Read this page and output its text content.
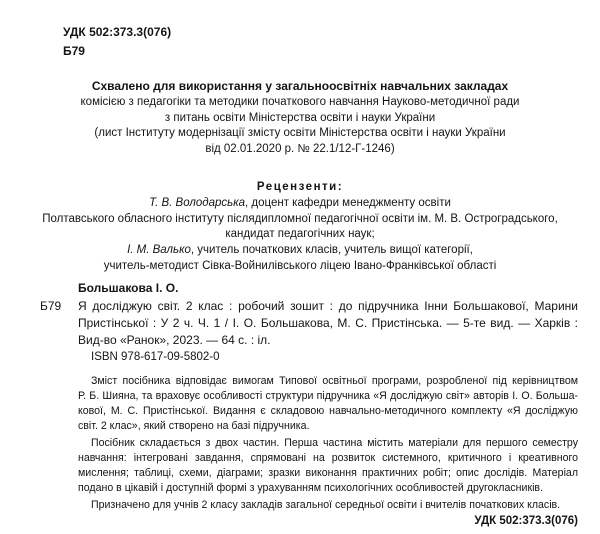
УДК 502:373.3(076)
Б79
Схвалено для використання у загальноосвітніх навчальних закладах
комісією з педагогіки та методики початкового навчання Науково-методичної ради
з питань освіти Міністерства освіти і науки України
(лист Інституту модернізації змісту освіти Міністерства освіти і науки України
від 02.01.2020 р. № 22.1/12-Г-1246)
Рецензенти:
Т. В. Володарська, доцент кафедри менеджменту освіти
Полтавського обласного інституту післядипломної педагогічної освіти ім. М. В. Остроградського,
кандидат педагогічних наук;
І. М. Валько, учитель початкових класів, учитель вищої категорії,
учитель-методист Сівка-Войнилівського ліцею Івано-Франківської області
Большакова І. О.
Б79 Я досліджую світ. 2 клас : робочий зошит : до підручника Інни Большакової, Марини
Пристінської : У 2 ч. Ч. 1 / І. О. Большакова, М. С. Пристінська. — 5-те вид. — Харків :
Вид-во «Ранок», 2023. — 64 с. : іл.
ISBN 978-617-09-5802-0
Зміст посібника відповідає вимогам Типової освітньої програми, розробленої під керівництвом
Р. Б. Шияна, та враховує особливості структури підручника «Я досліджую світ» авторів І. О. Больша-
кової, М. С. Пристінської. Видання є складовою навчально-методичного комплекту «Я досліджую
світ. 2 клас», який створено на базі підручника.
Посібник складається з двох частин. Перша частина містить матеріали для першого семестру
навчання: інтегровані завдання, спрямовані на розвиток системного, критичного і креативного
мислення; таблиці, схеми, діаграми; зразки виконання практичних робіт; опис дослідів. Матеріал
подано в цікавій і доступній формі з урахуванням психологічних особливостей другокласників.
Призначено для учнів 2 класу закладів загальної середньої освіти і вчителів початкових класів.
УДК 502:373.3(076)
